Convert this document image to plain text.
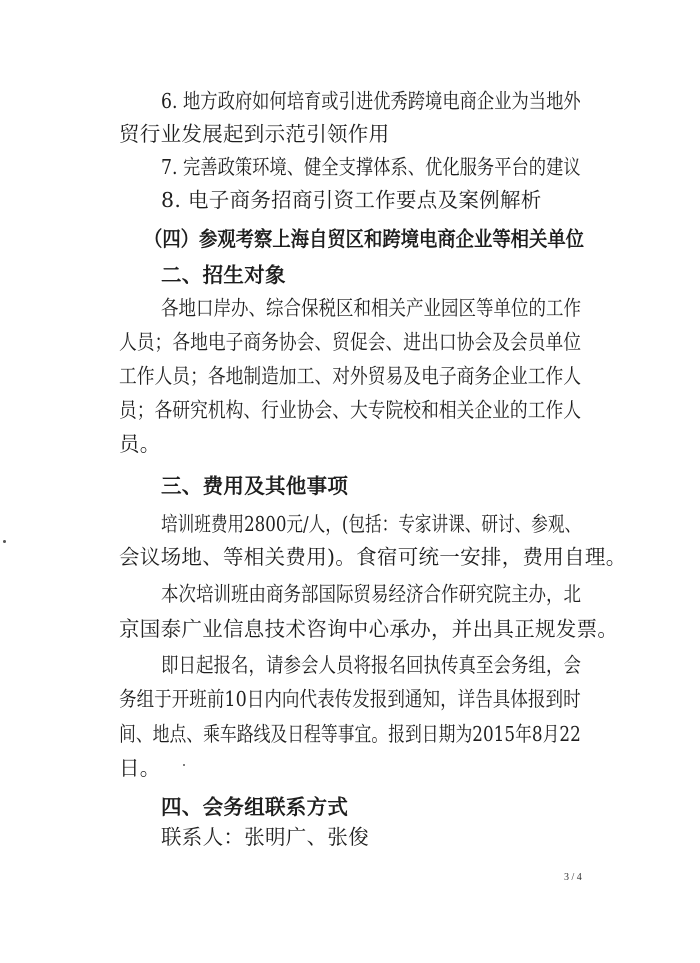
6. 地方政府如何培育或引进优秀跨境电商企业为当地外
贸行业发展起到示范引领作用
7. 完善政策环境、健全支撑体系、优化服务平台的建议
8. 电子商务招商引资工作要点及案例解析
（四）参观考察上海自贸区和跨境电商企业等相关单位
二、招生对象
各地口岸办、综合保税区和相关产业园区等单位的工作
人员；各地电子商务协会、贸促会、进出口协会及会员单位
工作人员；各地制造加工、对外贸易及电子商务企业工作人
员；各研究机构、行业协会、大专院校和相关企业的工作人
员。
三、费用及其他事项
培训班费用2800元/人，(包括：专家讲课、研讨、参观、
会议场地、等相关费用)。食宿可统一安排，费用自理。
本次培训班由商务部国际贸易经济合作研究院主办，北
京国泰广业信息技术咨询中心承办，并出具正规发票。
即日起报名，请参会人员将报名回执传真至会务组，会
务组于开班前10日内向代表传发报到通知，详告具体报到时
间、地点、乘车路线及日程等事宜。报到日期为2015年8月22
日。
四、会务组联系方式
联系人：张明广、张俊
3 / 4
